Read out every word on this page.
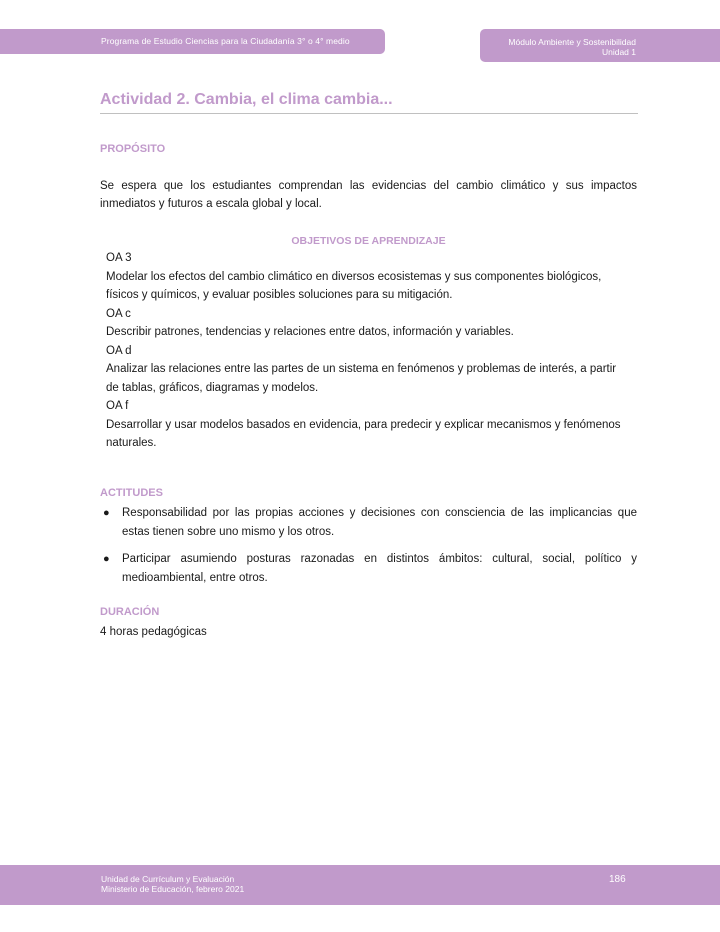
Programa de Estudio Ciencias para la Ciudadanía 3° o 4° medio	Módulo Ambiente y Sostenibilidad
Unidad 1
Actividad 2. Cambia, el clima cambia...
PROPÓSITO

Se espera que los estudiantes comprendan las evidencias del cambio climático y sus impactos inmediatos y futuros a escala global y local.

OBJETIVOS DE APRENDIZAJE
OA 3
Modelar los efectos del cambio climático en diversos ecosistemas y sus componentes biológicos, físicos y químicos, y evaluar posibles soluciones para su mitigación.
OA c
Describir patrones, tendencias y relaciones entre datos, información y variables.
OA d
Analizar las relaciones entre las partes de un sistema en fenómenos y problemas de interés, a partir de tablas, gráficos, diagramas y modelos.
OA f
Desarrollar y usar modelos basados en evidencia, para predecir y explicar mecanismos y fenómenos naturales.
ACTITUDES
● Responsabilidad por las propias acciones y decisiones con consciencia de las implicancias que estas tienen sobre uno mismo y los otros.
● Participar asumiendo posturas razonadas en distintos ámbitos: cultural, social, político y medioambiental, entre otros.
DURACIÓN

4 horas pedagógicas

Unidad de Currículum y Evaluación
Ministerio de Educación, febrero 2021
186
